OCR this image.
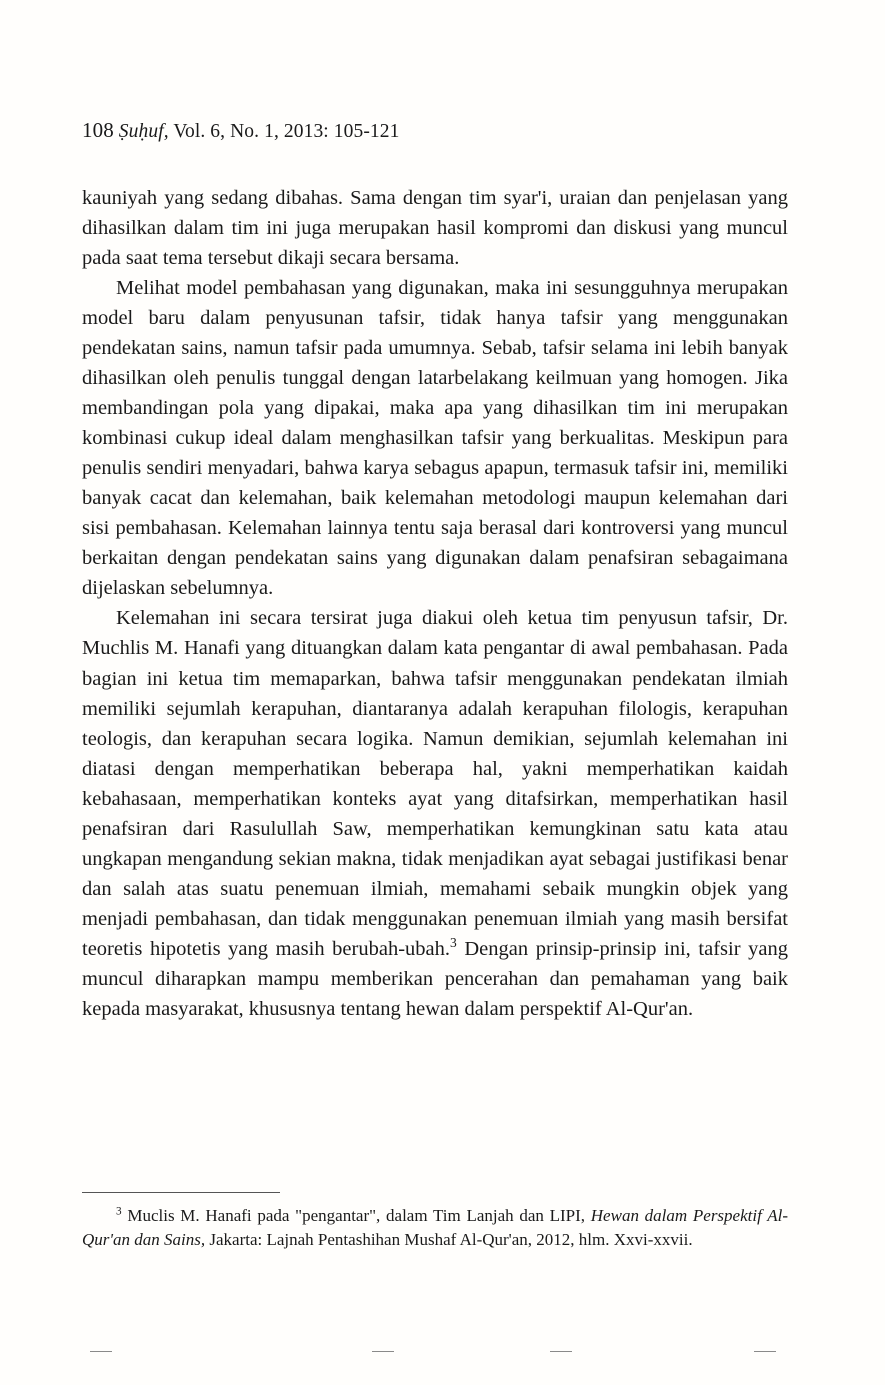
108 Ṣuḥuf, Vol. 6, No. 1, 2013: 105-121

kauniyah yang sedang dibahas. Sama dengan tim syar'i, uraian dan penjelasan yang dihasilkan dalam tim ini juga merupakan hasil kompromi dan diskusi yang muncul pada saat tema tersebut dikaji secara bersama.

Melihat model pembahasan yang digunakan, maka ini sesungguhnya merupakan model baru dalam penyusunan tafsir, tidak hanya tafsir yang menggunakan pendekatan sains, namun tafsir pada umumnya. Sebab, tafsir selama ini lebih banyak dihasilkan oleh penulis tunggal dengan latarbelakang keilmuan yang homogen. Jika membandingan pola yang dipakai, maka apa yang dihasilkan tim ini merupakan kombinasi cukup ideal dalam menghasilkan tafsir yang berkualitas. Meskipun para penulis sendiri menyadari, bahwa karya sebagus apapun, termasuk tafsir ini, memiliki banyak cacat dan kelemahan, baik kelemahan metodologi maupun kelemahan dari sisi pembahasan. Kelemahan lainnya tentu saja berasal dari kontroversi yang muncul berkaitan dengan pendekatan sains yang digunakan dalam penafsiran sebagaimana dijelaskan sebelumnya.

Kelemahan ini secara tersirat juga diakui oleh ketua tim penyusun tafsir, Dr. Muchlis M. Hanafi yang dituangkan dalam kata pengantar di awal pembahasan. Pada bagian ini ketua tim memaparkan, bahwa tafsir menggunakan pendekatan ilmiah memiliki sejumlah kerapuhan, diantaranya adalah kerapuhan filologis, kerapuhan teologis, dan kerapuhan secara logika. Namun demikian, sejumlah kelemahan ini diatasi dengan memperhatikan beberapa hal, yakni memperhatikan kaidah kebahasaan, memperhatikan konteks ayat yang ditafsirkan, memperhatikan hasil penafsiran dari Rasulullah Saw, memperhatikan kemungkinan satu kata atau ungkapan mengandung sekian makna, tidak menjadikan ayat sebagai justifikasi benar dan salah atas suatu penemuan ilmiah, memahami sebaik mungkin objek yang menjadi pembahasan, dan tidak menggunakan penemuan ilmiah yang masih bersifat teoretis hipotetis yang masih berubah-ubah.$^3$ Dengan prinsip-prinsip ini, tafsir yang muncul diharapkan mampu memberikan pencerahan dan pemahaman yang baik kepada masyarakat, khususnya tentang hewan dalam perspektif Al-Qur'an.

$^3$ Muclis M. Hanafi pada "pengantar", dalam Tim Lanjah dan LIPI, Hewan dalam Perspektif Al-Qur'an dan Sains, Jakarta: Lajnah Pentashihan Mushaf Al-Qur'an, 2012, hlm. Xxvi-xxvii.
